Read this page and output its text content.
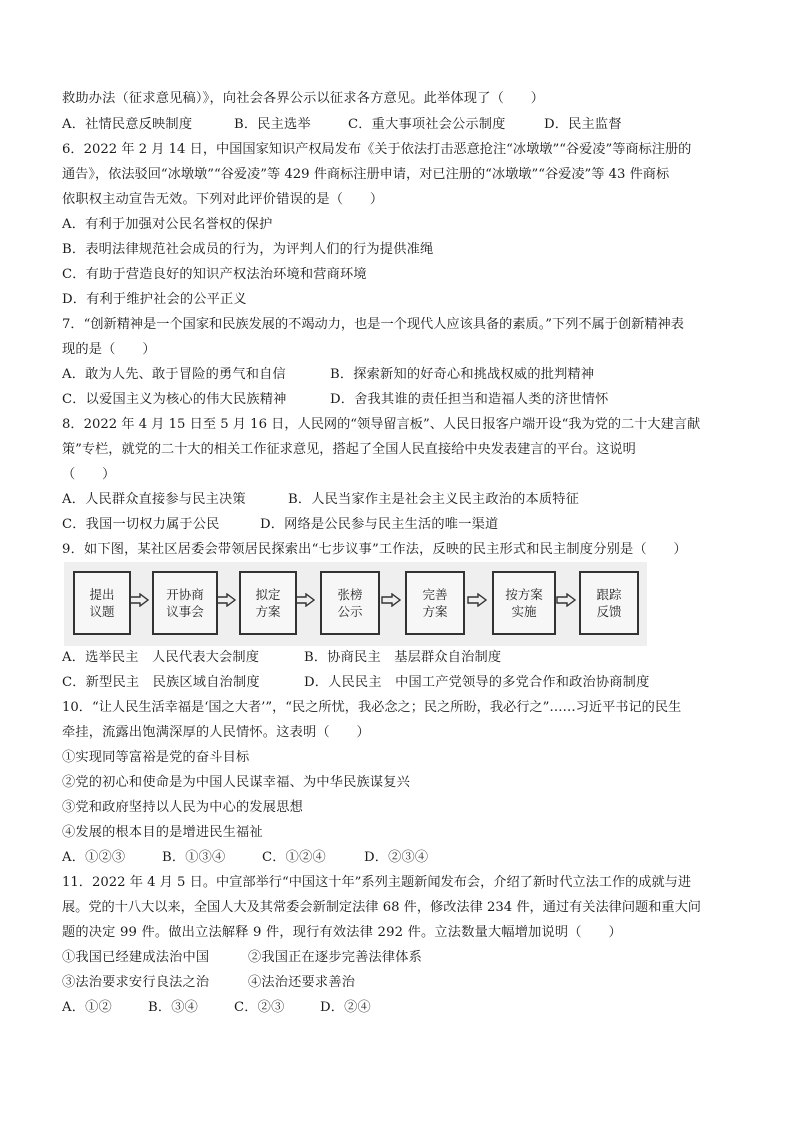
救助办法（征求意见稿）》，向社会各界公示以征求各方意见。此举体现了（　　）
A．社情民意反映制度	B．民主选举	C．重大事项社会公示制度	D．民主监督
6．2022 年 2 月 14 日，中国国家知识产权局发布《关于依法打击恶意抢注“冰墩墩”“谷爱凌”等商标注册的
通告》，依法驳回“冰墩墩”“谷爱凌”等 429 件商标注册申请，对已注册的“冰墩墩”“谷爱凌”等 43 件商标
依职权主动宣告无效。下列对此评价错误的是（　　）
A．有利于加强对公民名誉权的保护
B．表明法律规范社会成员的行为，为评判人们的行为提供准绳
C．有助于营造良好的知识产权法治环境和营商环境
D．有利于维护社会的公平正义
7．“创新精神是一个国家和民族发展的不竭动力，也是一个现代人应该具备的素质。”下列不属于创新精神表
现的是（　　）
A．敢为人先、敢于冒险的勇气和自信	B．探索新知的好奇心和挑战权威的批判精神
C．以爱国主义为核心的伟大民族精神	D．舍我其谁的责任担当和造福人类的济世情怀
8．2022 年 4 月 15 日至 5 月 16 日，人民网的“领导留言板”、人民日报客户端开设“我为党的二十大建言献
策”专栏，就党的二十大的相关工作征求意见，搭起了全国人民直接给中央发表建言的平台。这说明
（　　）
A．人民群众直接参与民主决策	B．人民当家作主是社会主义民主政治的本质特征
C．我国一切权力属于公民	D．网络是公民参与民主生活的唯一渠道
9．如下图，某社区居委会带领居民探索出“七步议事”工作法，反映的民主形式和民主制度分别是（　　）
提出
议题
开协商
议事会
拟定
方案
张榜
公示
完善
方案
按方案
实施
跟踪
反馈
A．选举民主　人民代表大会制度	B．协商民主　基层群众自治制度
C．新型民主　民族区域自治制度	D．人民民主　中国工产党领导的多党合作和政治协商制度
10．“让人民生活幸福是‘国之大者’”，“民之所忧，我必念之；民之所盼，我必行之”……习近平书记的民生
牵挂，流露出饱满深厚的人民情怀。这表明（　　）
①实现同等富裕是党的奋斗目标
②党的初心和使命是为中国人民谋幸福、为中华民族谋复兴
③党和政府坚持以人民为中心的发展思想
④发展的根本目的是增进民生福祉
A．①②③	B．①③④	C．①②④	D．②③④
11．2022 年 4 月 5 日。中宣部举行“中国这十年”系列主题新闻发布会，介绍了新时代立法工作的成就与进
展。党的十八大以来，全国人大及其常委会新制定法律 68 件，修改法律 234 件，通过有关法律问题和重大问
题的决定 99 件。做出立法解释 9 件，现行有效法律 292 件。立法数量大幅增加说明（　　）
①我国已经建成法治中国	②我国正在逐步完善法律体系
③法治要求安行良法之治	④法治还要求善治
A．①②	B．③④	C．②③	D．②④
